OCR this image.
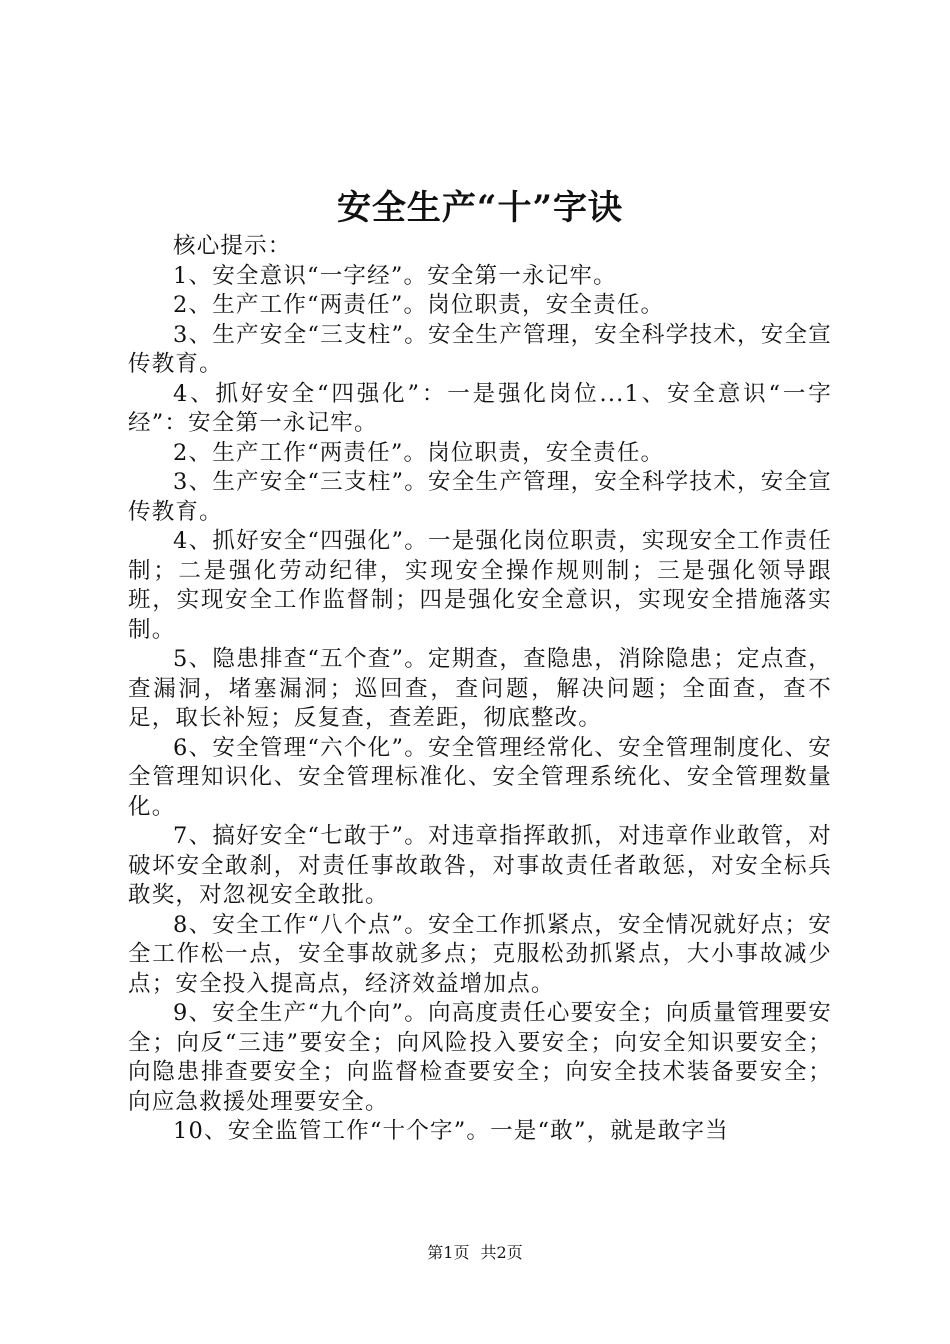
安全生产“十”字诀

核心提示：

1、安全意识“一字经”。安全第一永记牢。

2、生产工作“两责任”。岗位职责，安全责任。

3、生产安全“三支柱”。安全生产管理，安全科学技术，安全宣传教育。

4、抓好安全“四强化”：一是强化岗位...1、安全意识“一字经”：安全第一永记牢。

2、生产工作“两责任”。岗位职责，安全责任。

3、生产安全“三支柱”。安全生产管理，安全科学技术，安全宣传教育。

4、抓好安全“四强化”。一是强化岗位职责，实现安全工作责任制；二是强化劳动纪律，实现安全操作规则制；三是强化领导跟班，实现安全工作监督制；四是强化安全意识，实现安全措施落实制。

5、隐患排查“五个查”。定期查，查隐患，消除隐患；定点查，查漏洞，堵塞漏洞；巡回查，查问题，解决问题；全面查，查不足，取长补短；反复查，查差距，彻底整改。

6、安全管理“六个化”。安全管理经常化、安全管理制度化、安全管理知识化、安全管理标准化、安全管理系统化、安全管理数量化。

7、搞好安全“七敢于”。对违章指挥敢抓，对违章作业敢管，对破坏安全敢刹，对责任事故敢咎，对事故责任者敢惩，对安全标兵敢奖，对忽视安全敢批。

8、安全工作“八个点”。安全工作抓紧点，安全情况就好点；安全工作松一点，安全事故就多点；克服松劲抓紧点，大小事故减少点；安全投入提高点，经济效益增加点。

9、安全生产“九个向”。向高度责任心要安全；向质量管理要安全；向反“三违”要安全；向风险投入要安全；向安全知识要安全；向隐患排查要安全；向监督检查要安全；向安全技术装备要安全；向应急救援处理要安全。

10、安全监管工作“十个字”。一是“敢”，就是敢字当

第1页 共2页
